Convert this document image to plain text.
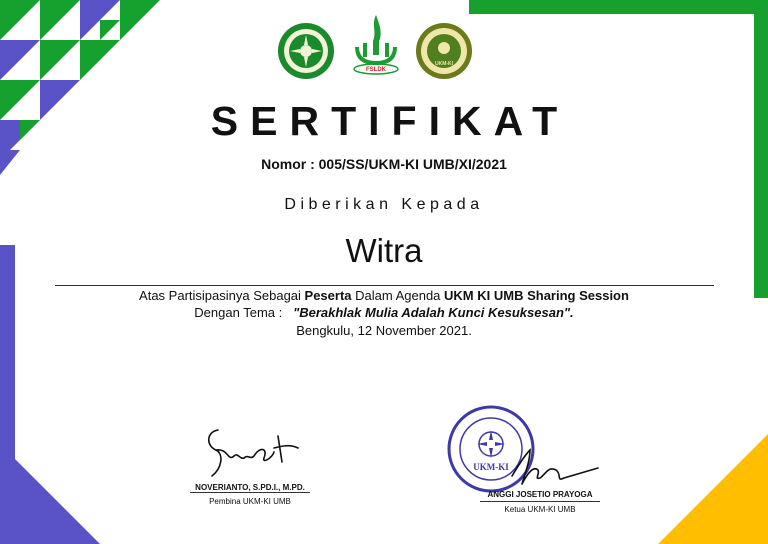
FSLDK
UKM-KI
SERTIFIKAT
Nomor : 005/SS/UKM-KI UMB/XI/2021
Diberikan Kepada
Witra
Atas Partisipasinya Sebagai Peserta Dalam Agenda UKM KI UMB Sharing Session
Dengan Tema :   "Berakhlak Mulia Adalah Kunci Kesuksesan".
Bengkulu, 12 November 2021.
NOVERIANTO, S.PD.I., M.PD.
Pembina UKM-KI UMB
UKM-KI
ANGGI JOSETIO PRAYOGA
Ketua UKM-KI UMB
